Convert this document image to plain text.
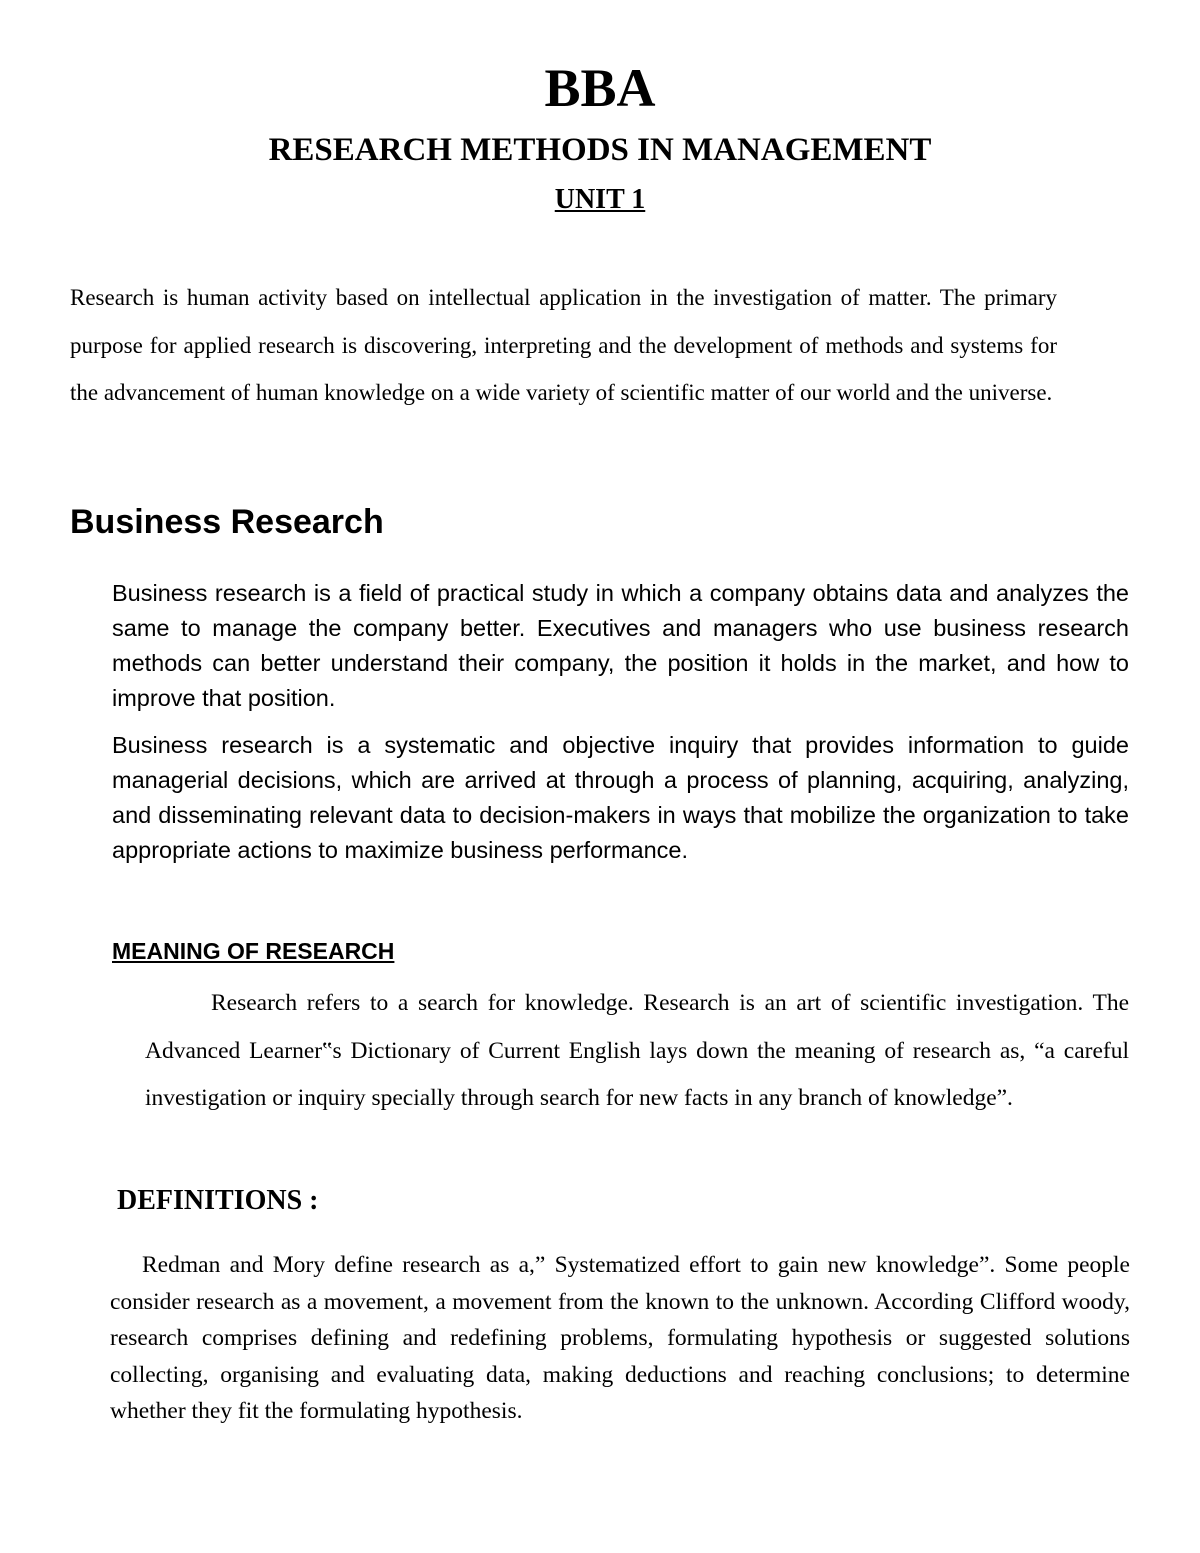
BBA
RESEARCH METHODS IN MANAGEMENT
UNIT 1

Research is human activity based on intellectual application in the investigation of matter. The primary purpose for applied research is discovering, interpreting and the development of methods and systems for the advancement of human knowledge on a wide variety of scientific matter of our world and the universe.

Business Research

Business research is a field of practical study in which a company obtains data and analyzes the same to manage the company better. Executives and managers who use business research methods can better understand their company, the position it holds in the market, and how to improve that position.

Business research is a systematic and objective inquiry that provides information to guide managerial decisions, which are arrived at through a process of planning, acquiring, analyzing, and disseminating relevant data to decision-makers in ways that mobilize the organization to take appropriate actions to maximize business performance.

MEANING OF RESEARCH

Research refers to a search for knowledge. Research is an art of scientific investigation. The Advanced Learner‟s Dictionary of Current English lays down the meaning of research as, “a careful investigation or inquiry specially through search for new facts in any branch of knowledge”.

DEFINITIONS :

Redman and Mory define research as a,” Systematized effort to gain new knowledge”. Some people consider research as a movement, a movement from the known to the unknown. According Clifford woody, research comprises defining and redefining problems, formulating hypothesis or suggested solutions collecting, organising and evaluating data, making deductions and reaching conclusions; to determine whether they fit the formulating hypothesis.
